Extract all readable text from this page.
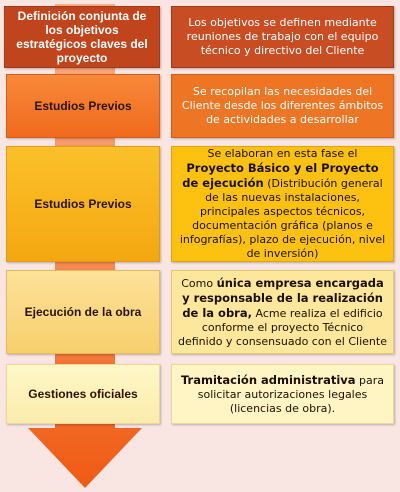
Definición conjunta de los objetivos estratégicos claves del proyecto

Los objetivos se definen mediante reuniones de trabajo con el equipo técnico y directivo del Cliente

Estudios Previos

Se recopilan las necesidades del Cliente desde los diferentes ámbitos de actividades a desarrollar

Estudios Previos

Se elaboran en esta fase el Proyecto Básico y el Proyecto de ejecución (Distribución general de las nuevas instalaciones, principales aspectos técnicos, documentación gráfica (planos e infografías), plazo de ejecución, nivel de inversión)

Ejecución de la obra

Como única empresa encargada y responsable de la realización de la obra, Acme realiza el edificio conforme el proyecto Técnico definido y consensuado con el Cliente

Gestiones oficiales

Tramitación administrativa para solicitar autorizaciones legales (licencias de obra).
